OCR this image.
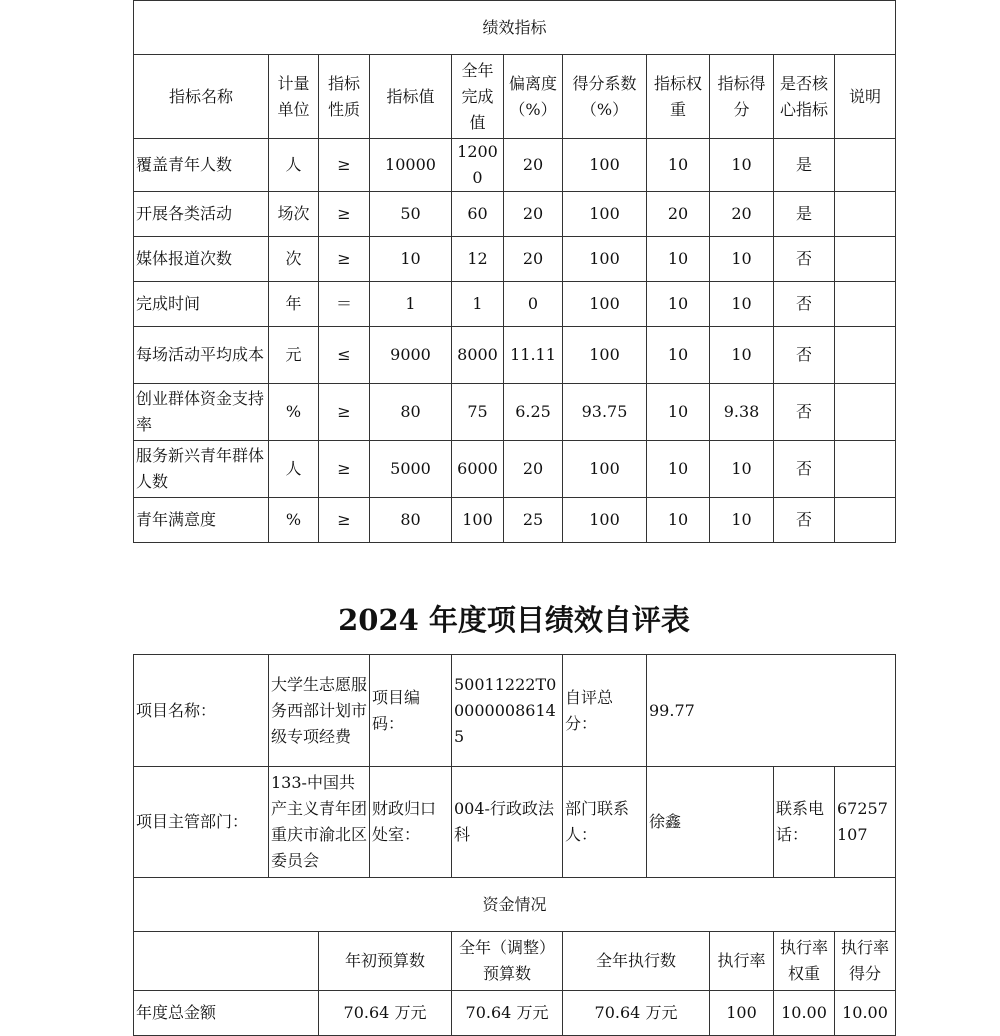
绩效指标										
指标名称	计量单位	指标性质	指标值	全年完成值	偏离度（%）	得分系数（%）	指标权重	指标得分	是否核心指标	说明
覆盖青年人数	人	≥	10000	12000	20	100	10	10	是	
开展各类活动	场次	≥	50	60	20	100	20	20	是	
媒体报道次数	次	≥	10	12	20	100	10	10	否	
完成时间	年	＝	1	1	0	100	10	10	否	
每场活动平均成本	元	≤	9000	8000	11.11	100	10	10	否	
创业群体资金支持率	%	≥	80	75	6.25	93.75	10	9.38	否	
服务新兴青年群体人数	人	≥	5000	6000	20	100	10	10	否	
青年满意度	%	≥	80	100	25	100	10	10	否	
2024 年度项目绩效自评表
项目名称：	大学生志愿服务西部计划市级专项经费	项目编码：	50011222T000000086145	自评总分：	99.77		
项目主管部门：	133-中国共产主义青年团重庆市渝北区委员会	财政归口处室：	004-行政政法科	部门联系人：	徐鑫	联系电话：	67257107
资金情况						
	年初预算数	全年（调整）预算数	全年执行数	执行率	执行率权重	执行率得分
年度总金额	70.64 万元	70.64 万元	70.64 万元	100	10.00	10.00
